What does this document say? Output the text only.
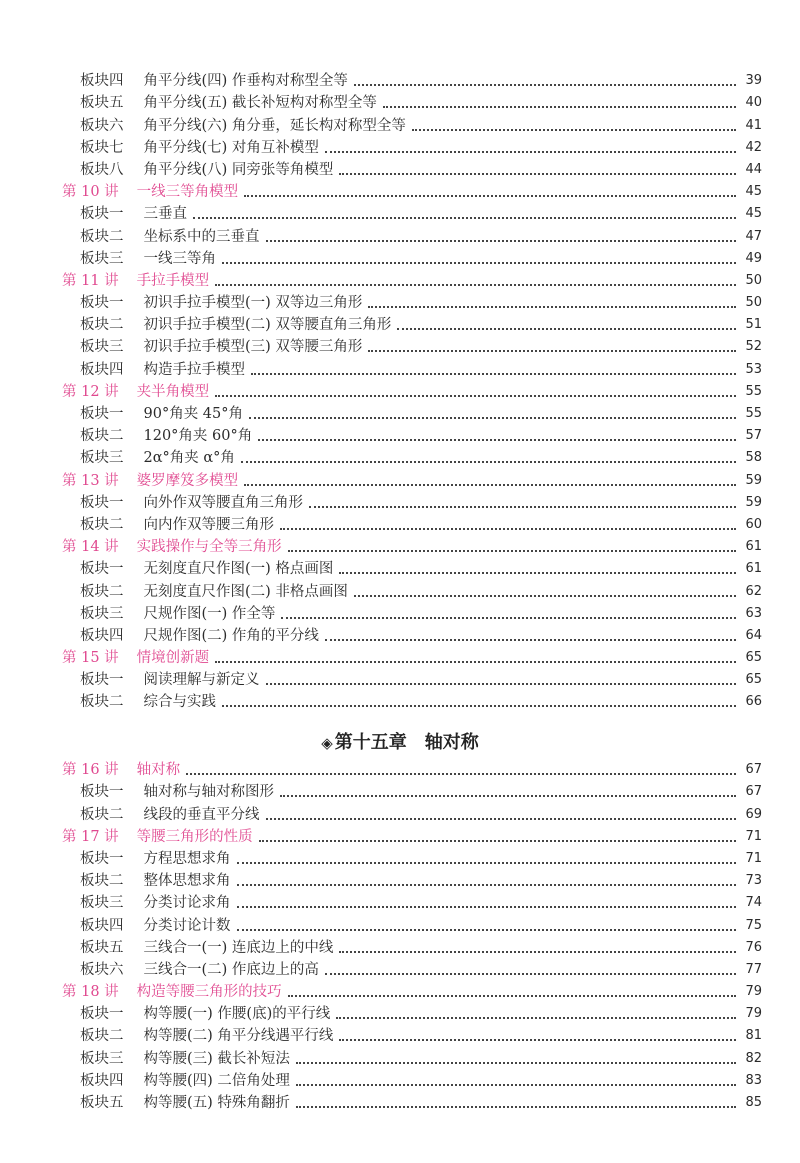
板块四 角平分线(四) 作垂构对称型全等	39
板块五 角平分线(五) 截长补短构对称型全等	40
板块六 角平分线(六) 角分垂，延长构对称型全等	41
板块七 角平分线(七) 对角互补模型	42
板块八 角平分线(八) 同旁张等角模型	44
第 10 讲 一线三等角模型	45
板块一 三垂直	45
板块二 坐标系中的三垂直	47
板块三 一线三等角	49
第 11 讲 手拉手模型	50
板块一 初识手拉手模型(一) 双等边三角形	50
板块二 初识手拉手模型(二) 双等腰直角三角形	51
板块三 初识手拉手模型(三) 双等腰三角形	52
板块四 构造手拉手模型	53
第 12 讲 夹半角模型	55
板块一 90°角夹 45°角	55
板块二 120°角夹 60°角	57
板块三 2α°角夹 α°角	58
第 13 讲 婆罗摩笈多模型	59
板块一 向外作双等腰直角三角形	59
板块二 向内作双等腰三角形	60
第 14 讲 实践操作与全等三角形	61
板块一 无刻度直尺作图(一) 格点画图	61
板块二 无刻度直尺作图(二) 非格点画图	62
板块三 尺规作图(一) 作全等	63
板块四 尺规作图(二) 作角的平分线	64
第 15 讲 情境创新题	65
板块一 阅读理解与新定义	65
板块二 综合与实践	66
◈ 第十五章 轴对称
第 16 讲 轴对称	67
板块一 轴对称与轴对称图形	67
板块二 线段的垂直平分线	69
第 17 讲 等腰三角形的性质	71
板块一 方程思想求角	71
板块二 整体思想求角	73
板块三 分类讨论求角	74
板块四 分类讨论计数	75
板块五 三线合一(一) 连底边上的中线	76
板块六 三线合一(二) 作底边上的高	77
第 18 讲 构造等腰三角形的技巧	79
板块一 构等腰(一) 作腰(底)的平行线	79
板块二 构等腰(二) 角平分线遇平行线	81
板块三 构等腰(三) 截长补短法	82
板块四 构等腰(四) 二倍角处理	83
板块五 构等腰(五) 特殊角翻折	85
